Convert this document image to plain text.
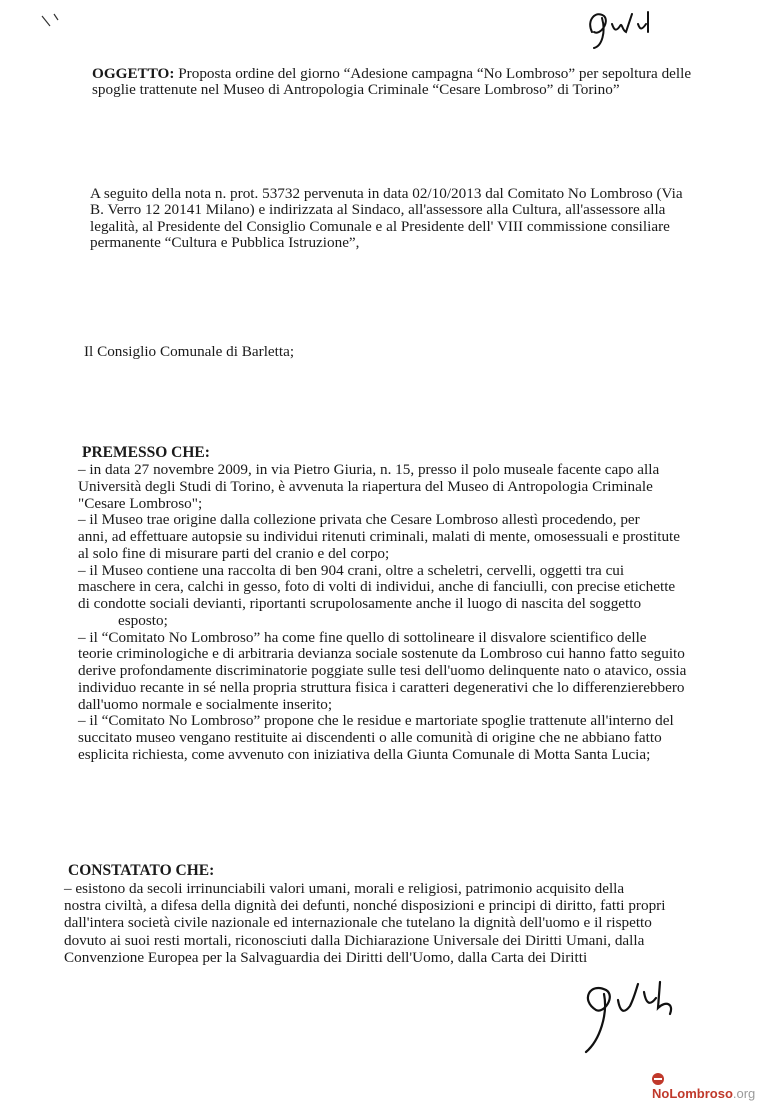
OGGETTO: Proposta ordine del giorno “Adesione campagna “No Lombroso” per sepoltura delle
spoglie trattenute nel Museo di Antropologia Criminale “Cesare Lombroso” di Torino”
A seguito della nota n. prot. 53732 pervenuta in data 02/10/2013 dal Comitato No Lombroso (Via
B. Verro 12 20141 Milano) e indirizzata al Sindaco, all'assessore alla Cultura, all'assessore alla
legalità, al Presidente del Consiglio Comunale e al Presidente dell' VIII commissione consiliare
permanente “Cultura e Pubblica Istruzione”,
Il Consiglio Comunale di Barletta;
PREMESSO CHE:
– in data 27 novembre 2009, in via Pietro Giuria, n. 15, presso il polo museale facente capo alla
Università degli Studi di Torino, è avvenuta la riapertura del Museo di Antropologia Criminale
"Cesare Lombroso";
– il Museo trae origine dalla collezione privata che Cesare Lombroso allestì procedendo, per
anni, ad effettuare autopsie su individui ritenuti criminali, malati di mente, omosessuali e prostitute
al solo fine di misurare parti del cranio e del corpo;
– il Museo contiene una raccolta di ben 904 crani, oltre a scheletri, cervelli, oggetti tra cui
maschere in cera, calchi in gesso, foto di volti di individui, anche di fanciulli, con precise etichette
di condotte sociali devianti, riportanti scrupolosamente anche il luogo di nascita del soggetto
esposto;
– il “Comitato No Lombroso” ha come fine quello di sottolineare il disvalore scientifico delle
teorie criminologiche e di arbitraria devianza sociale sostenute da Lombroso cui hanno fatto seguito
derive profondamente discriminatorie poggiate sulle tesi dell'uomo delinquente nato o atavico, ossia
individuo recante in sé nella propria struttura fisica i caratteri degenerativi che lo differenzierebbero
dall'uomo normale e socialmente inserito;
– il “Comitato No Lombroso” propone che le residue e martoriate spoglie trattenute all'interno del
succitato museo vengano restituite ai discendenti o alle comunità di origine che ne abbiano fatto
esplicita richiesta, come avvenuto con iniziativa della Giunta Comunale di Motta Santa Lucia;
CONSTATATO CHE:
– esistono da secoli irrinunciabili valori umani, morali e religiosi, patrimonio acquisito della
nostra civiltà, a difesa della dignità dei defunti, nonché disposizioni e principi di diritto, fatti propri
dall'intera società civile nazionale ed internazionale che tutelano la dignità dell'uomo e il rispetto
dovuto ai suoi resti mortali, riconosciuti dalla Dichiarazione Universale dei Diritti Umani, dalla
Convenzione Europea per la Salvaguardia dei Diritti dell'Uomo, dalla Carta dei Diritti
NoLombroso.org
